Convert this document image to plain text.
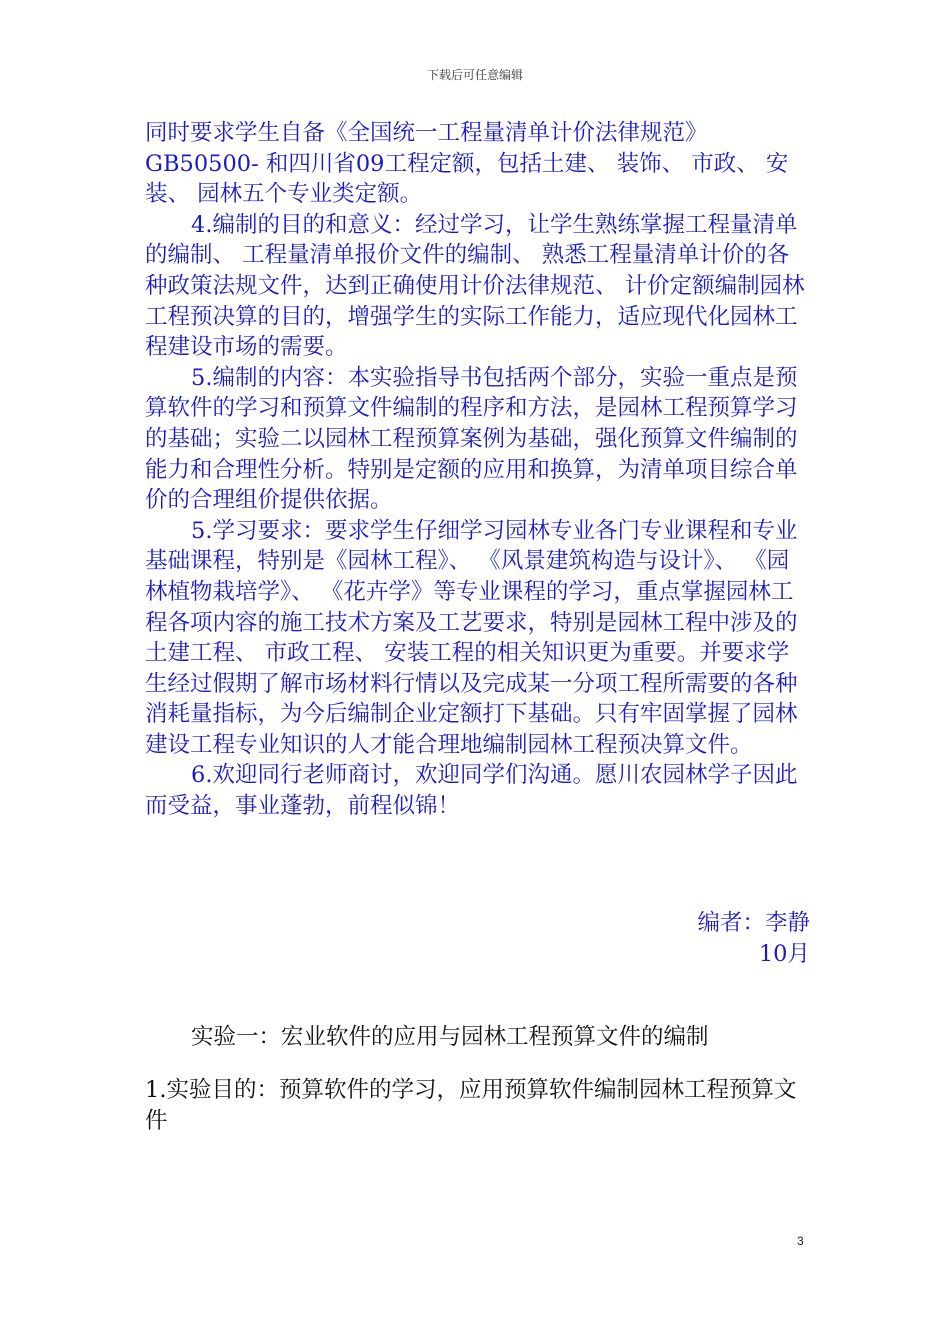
下载后可任意编辑

同时要求学生自备《全国统一工程量清单计价法律规范》GB50500- 和四川省09工程定额，包括土建、 装饰、 市政、 安装、 园林五个专业类定额。

4.编制的目的和意义：经过学习，让学生熟练掌握工程量清单的编制、 工程量清单报价文件的编制、 熟悉工程量清单计价的各种政策法规文件，达到正确使用计价法律规范、 计价定额编制园林工程预决算的目的，增强学生的实际工作能力，适应现代化园林工程建设市场的需要。

5.编制的内容：本实验指导书包括两个部分，实验一重点是预算软件的学习和预算文件编制的程序和方法，是园林工程预算学习的基础；实验二以园林工程预算案例为基础，强化预算文件编制的能力和合理性分析。特别是定额的应用和换算，为清单项目综合单价的合理组价提供依据。

5.学习要求：要求学生仔细学习园林专业各门专业课程和专业基础课程，特别是《园林工程》、 《风景建筑构造与设计》、 《园林植物栽培学》、 《花卉学》等专业课程的学习，重点掌握园林工程各项内容的施工技术方案及工艺要求，特别是园林工程中涉及的土建工程、 市政工程、 安装工程的相关知识更为重要。并要求学生经过假期了解市场材料行情以及完成某一分项工程所需要的各种消耗量指标，为今后编制企业定额打下基础。只有牢固掌握了园林建设工程专业知识的人才能合理地编制园林工程预决算文件。

6.欢迎同行老师商讨，欢迎同学们沟通。愿川农园林学子因此而受益，事业蓬勃，前程似锦！

编者：李静

10月

实验一：宏业软件的应用与园林工程预算文件的编制

1.实验目的：预算软件的学习，应用预算软件编制园林工程预算文件

3
